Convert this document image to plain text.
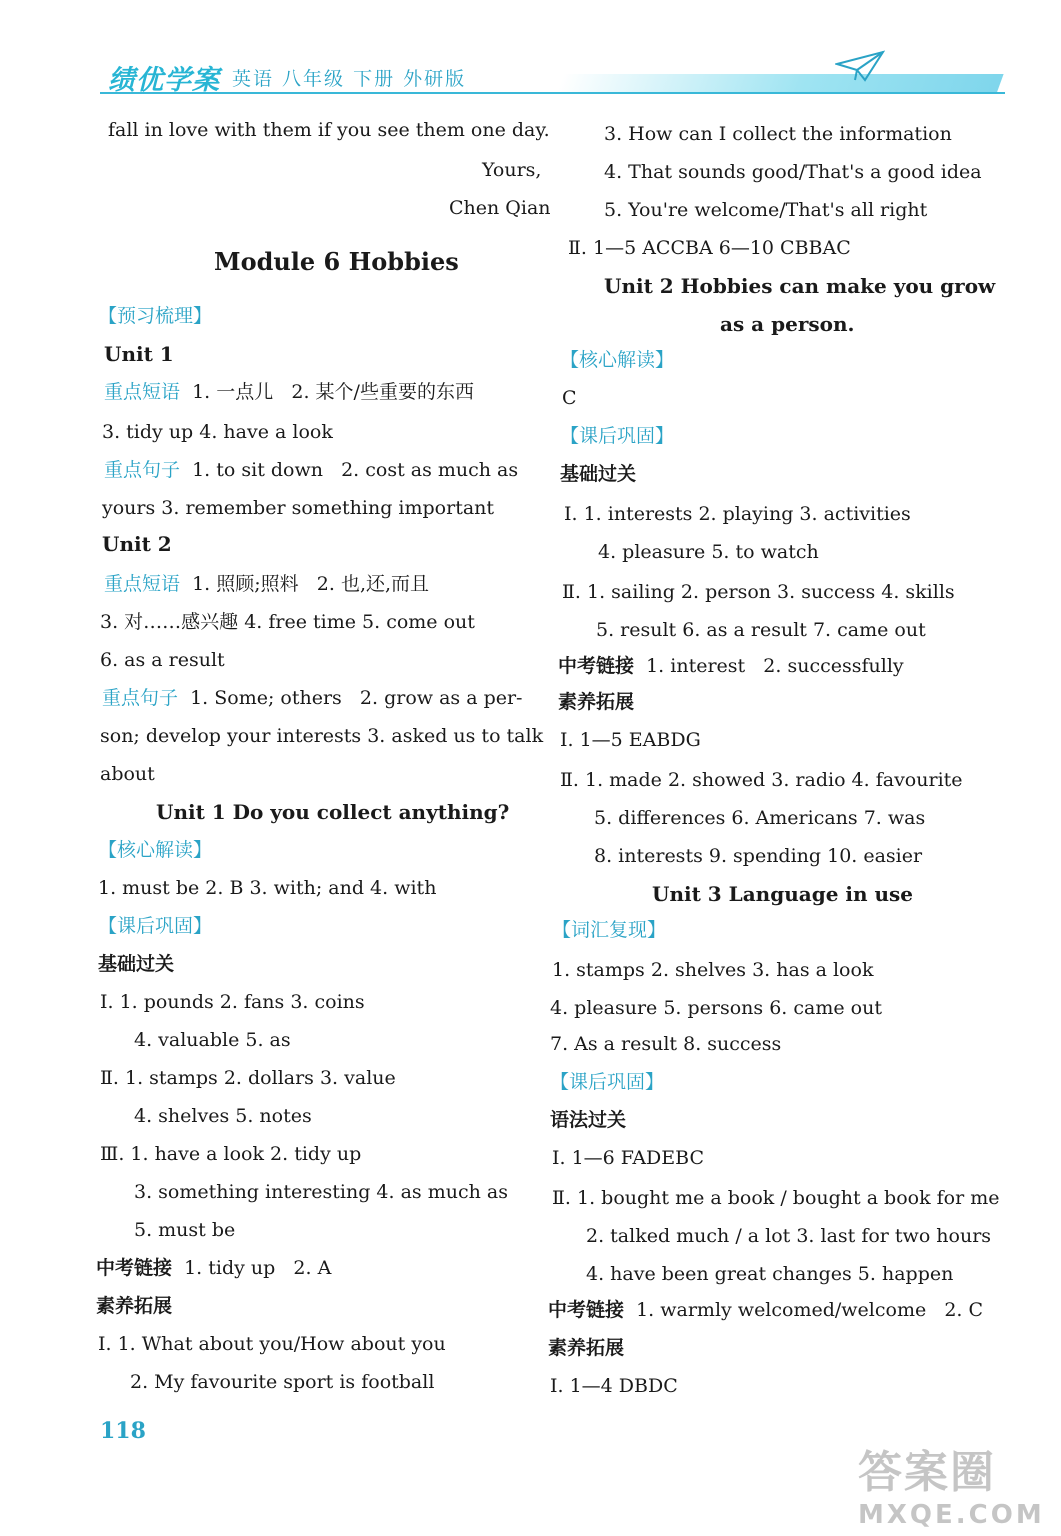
绩优学案 英语 八年级 下册 外研版
fall in love with them if you see them one day.
Yours,
Chen Qian
Module 6 Hobbies
【预习梳理】
Unit 1
重点短语  1. 一点儿   2. 某个/些重要的东西
3. tidy up 4. have a look
重点句子  1. to sit down   2. cost as much as
yours 3. remember something important
Unit 2
重点短语  1. 照顾;照料   2. 也,还,而且
3. 对……感兴趣 4. free time 5. come out
6. as a result
重点句子  1. Some; others   2. grow as a per-
son; develop your interests 3. asked us to talk
about
Unit 1 Do you collect anything?
【核心解读】
1. must be 2. B 3. with; and 4. with
【课后巩固】
基础过关
Ⅰ. 1. pounds 2. fans 3. coins
4. valuable 5. as
Ⅱ. 1. stamps 2. dollars 3. value
4. shelves 5. notes
Ⅲ. 1. have a look 2. tidy up
3. something interesting 4. as much as
5. must be
中考链接  1. tidy up   2. A
素养拓展
Ⅰ. 1. What about you/How about you
2. My favourite sport is football
3. How can I collect the information
4. That sounds good/That's a good idea
5. You're welcome/That's all right
Ⅱ. 1—5 ACCBA 6—10 CBBAC
Unit 2 Hobbies can make you grow
as a person.
【核心解读】
C
【课后巩固】
基础过关
Ⅰ. 1. interests 2. playing 3. activities
4. pleasure 5. to watch
Ⅱ. 1. sailing 2. person 3. success 4. skills
5. result 6. as a result 7. came out
中考链接  1. interest   2. successfully
素养拓展
Ⅰ. 1—5 EABDG
Ⅱ. 1. made 2. showed 3. radio 4. favourite
5. differences 6. Americans 7. was
8. interests 9. spending 10. easier
Unit 3 Language in use
【词汇复现】
1. stamps 2. shelves 3. has a look
4. pleasure 5. persons 6. came out
7. As a result 8. success
【课后巩固】
语法过关
Ⅰ. 1—6 FADEBC
Ⅱ. 1. bought me a book / bought a book for me
2. talked much / a lot 3. last for two hours
4. have been great changes 5. happen
中考链接  1. warmly welcomed/welcome   2. C
素养拓展
Ⅰ. 1—4 DBDC
118
答案圈
MXQE.COM
